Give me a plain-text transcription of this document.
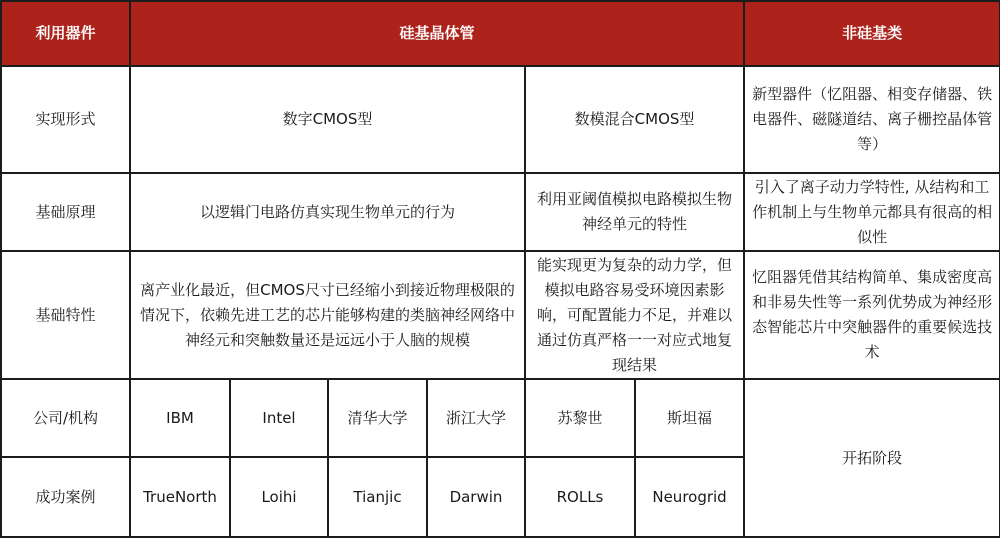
利用器件	硅基晶体管						非硅基类
实现形式	数字CMOS型				数模混合CMOS型		新型器件（忆阻器、相变存储器、铁电器件、磁隧道结、离子栅控晶体管等）
基础原理	以逻辑门电路仿真实现生物单元的行为				利用亚阈值模拟电路模拟生物神经单元的特性		引入了离子动力学特性, 从结构和工作机制上与生物单元都具有很高的相似性
基础特性	离产业化最近，但CMOS尺寸已经缩小到接近物理极限的情况下，依赖先进工艺的芯片能够构建的类脑神经网络中神经元和突触数量还是远远小于人脑的规模				能实现更为复杂的动力学，但模拟电路容易受环境因素影响，可配置能力不足，并难以通过仿真严格一一对应式地复现结果		忆阻器凭借其结构简单、集成密度高和非易失性等一系列优势成为神经形态智能芯片中突触器件的重要候选技术
公司/机构	IBM	Intel	清华大学	浙江大学	苏黎世	斯坦福	开拓阶段
成功案例	TrueNorth	Loihi	Tianjic	Darwin	ROLLs	Neurogrid	
